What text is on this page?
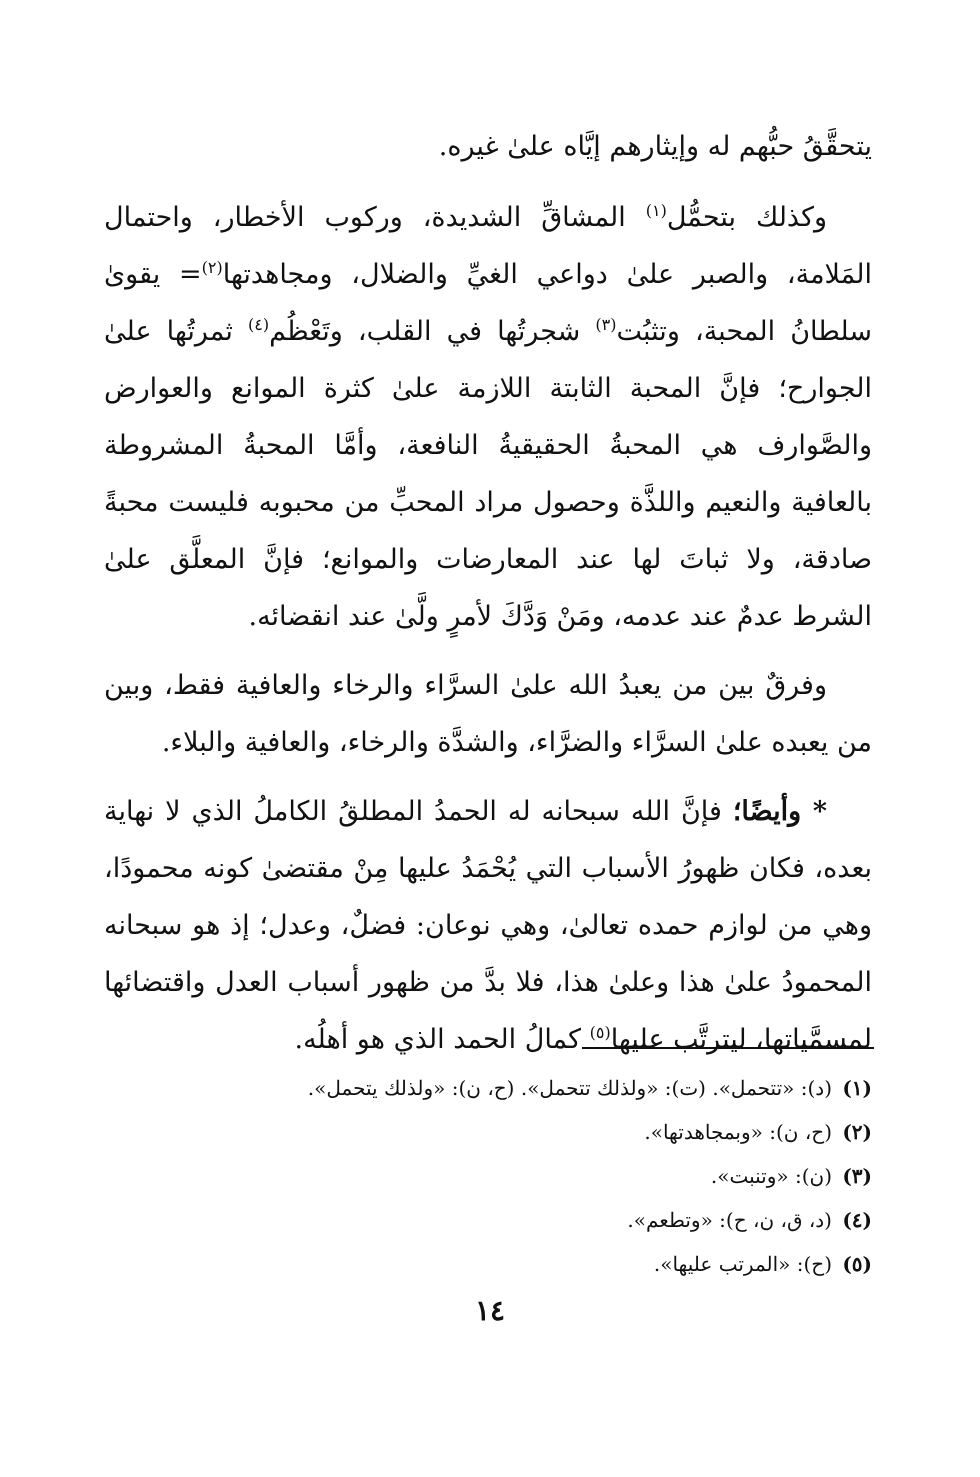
يتحقَّقُ حبُّهم له وإيثارهم إيَّاه علىٰ غيره.

وكذلك بتحمُّل$^{(١)}$ المشاقِّ الشديدة، وركوب الأخطار، واحتمال المَلامة، والصبر علىٰ دواعي الغيِّ والضلال، ومجاهدتها$^{(٢)}$= يقوىٰ سلطانُ المحبة، وتثبُت$^{(٣)}$ شجرتُها في القلب، وتَعْظُم$^{(٤)}$ ثمرتُها علىٰ الجوارح؛ فإنَّ المحبة الثابتة اللازمة علىٰ كثرة الموانع والعوارض والصَّوارف هي المحبةُ الحقيقيةُ النافعة، وأمَّا المحبةُ المشروطة بالعافية والنعيم واللذَّة وحصول مراد المحبِّ من محبوبه فليست محبةً صادقة، ولا ثباتَ لها عند المعارضات والموانع؛ فإنَّ المعلَّق علىٰ الشرط عدمٌ عند عدمه، ومَنْ وَدَّكَ لأمرٍ ولَّىٰ عند انقضائه.

وفرقٌ بين من يعبدُ الله علىٰ السرَّاء والرخاء والعافية فقط، وبين من يعبده علىٰ السرَّاء والضرَّاء، والشدَّة والرخاء، والعافية والبلاء.

* وأيضًا؛ فإنَّ الله سبحانه له الحمدُ المطلقُ الكاملُ الذي لا نهاية بعده، فكان ظهورُ الأسباب التي يُحْمَدُ عليها مِنْ مقتضىٰ كونه محمودًا، وهي من لوازم حمده تعالىٰ، وهي نوعان: فضلٌ، وعدل؛ إذ هو سبحانه المحمودُ علىٰ هذا وعلىٰ هذا، فلا بدَّ من ظهور أسباب العدل واقتضائها لمسمَّياتها، ليترتَّب عليها$^{(٥)}$ كمالُ الحمد الذي هو أهلُه.

(١)(د): «تتحمل». (ت): «ولذلك تتحمل». (ح، ن): «ولذلك يتحمل».
(٢)(ح، ن): «وبمجاهدتها».
(٣)(ن): «وتنبت».
(٤)(د، ق، ن، ح): «وتطعم».
(٥)(ح): «المرتب عليها».
١٤
